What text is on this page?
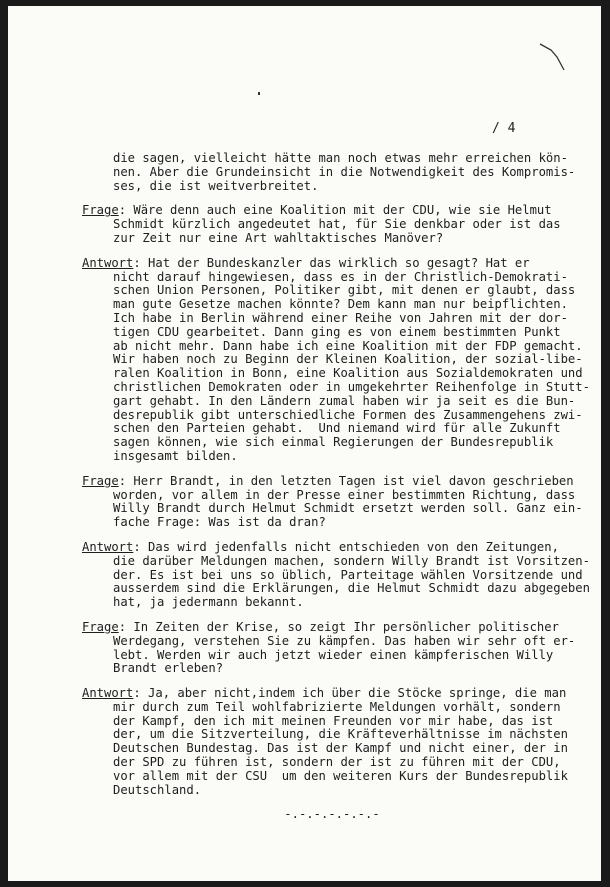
/ 4
die sagen, vielleicht hätte man noch etwas mehr erreichen kön-
nen. Aber die Grundeinsicht in die Notwendigkeit des Kompromis-
ses, die ist weitverbreitet.
Frage: Wäre denn auch eine Koalition mit der CDU, wie sie Helmut
Schmidt kürzlich angedeutet hat, für Sie denkbar oder ist das
zur Zeit nur eine Art wahltaktisches Manöver?
Antwort: Hat der Bundeskanzler das wirklich so gesagt? Hat er
nicht darauf hingewiesen, dass es in der Christlich-Demokrati-
schen Union Personen, Politiker gibt, mit denen er glaubt, dass
man gute Gesetze machen könnte? Dem kann man nur beipflichten.
Ich habe in Berlin während einer Reihe von Jahren mit der dor-
tigen CDU gearbeitet. Dann ging es von einem bestimmten Punkt
ab nicht mehr. Dann habe ich eine Koalition mit der FDP gemacht.
Wir haben noch zu Beginn der Kleinen Koalition, der sozial-libe-
ralen Koalition in Bonn, eine Koalition aus Sozialdemokraten und
christlichen Demokraten oder in umgekehrter Reihenfolge in Stutt-
gart gehabt. In den Ländern zumal haben wir ja seit es die Bun-
desrepublik gibt unterschiedliche Formen des Zusammengehens zwi-
schen den Parteien gehabt.  Und niemand wird für alle Zukunft
sagen können, wie sich einmal Regierungen der Bundesrepublik
insgesamt bilden.
Frage: Herr Brandt, in den letzten Tagen ist viel davon geschrieben
worden, vor allem in der Presse einer bestimmten Richtung, dass
Willy Brandt durch Helmut Schmidt ersetzt werden soll. Ganz ein-
fache Frage: Was ist da dran?
Antwort: Das wird jedenfalls nicht entschieden von den Zeitungen,
die darüber Meldungen machen, sondern Willy Brandt ist Vorsitzen-
der. Es ist bei uns so üblich, Parteitage wählen Vorsitzende und
ausserdem sind die Erklärungen, die Helmut Schmidt dazu abgegeben
hat, ja jedermann bekannt.
Frage: In Zeiten der Krise, so zeigt Ihr persönlicher politischer
Werdegang, verstehen Sie zu kämpfen. Das haben wir sehr oft er-
lebt. Werden wir auch jetzt wieder einen kämpferischen Willy
Brandt erleben?
Antwort: Ja, aber nicht,indem ich über die Stöcke springe, die man
mir durch zum Teil wohlfabrizierte Meldungen vorhält, sondern
der Kampf, den ich mit meinen Freunden vor mir habe, das ist
der, um die Sitzverteilung, die Kräfteverhältnisse im nächsten
Deutschen Bundestag. Das ist der Kampf und nicht einer, der in
der SPD zu führen ist, sondern der ist zu führen mit der CDU,
vor allem mit der CSU  um den weiteren Kurs der Bundesrepublik
Deutschland.
-.-.-.-.-.-.-
